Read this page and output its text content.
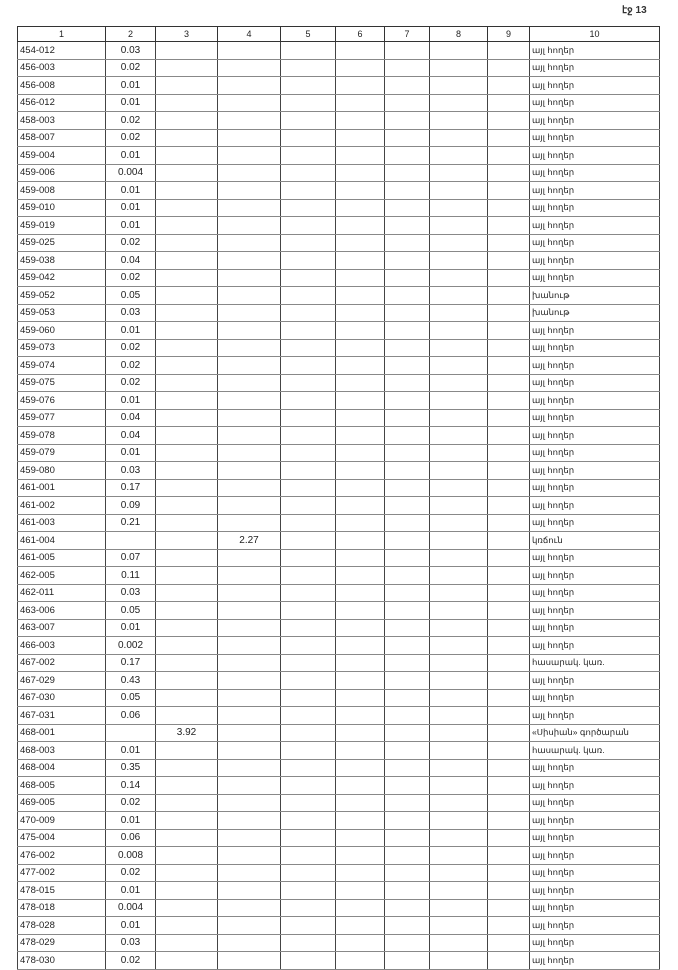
էջ 13
1	2	3	4	5	6	7	8	9	10
454-012	0.03								այլ հողեր
456-003	0.02								այլ հողեր
456-008	0.01								այլ հողեր
456-012	0.01								այլ հողեր
458-003	0.02								այլ հողեր
458-007	0.02								այլ հողեր
459-004	0.01								այլ հողեր
459-006	0.004								այլ հողեր
459-008	0.01								այլ հողեր
459-010	0.01								այլ հողեր
459-019	0.01								այլ հողեր
459-025	0.02								այլ հողեր
459-038	0.04								այլ հողեր
459-042	0.02								այլ հողեր
459-052	0.05								խանութ
459-053	0.03								խանութ
459-060	0.01								այլ հողեր
459-073	0.02								այլ հողեր
459-074	0.02								այլ հողեր
459-075	0.02								այլ հողեր
459-076	0.01								այլ հողեր
459-077	0.04								այլ հողեր
459-078	0.04								այլ հողեր
459-079	0.01								այլ հողեր
459-080	0.03								այլ հողեր
461-001	0.17								այլ հողեր
461-002	0.09								այլ հողեր
461-003	0.21								այլ հողեր
461-004			2.27						կռճուն
461-005	0.07								այլ հողեր
462-005	0.11								այլ հողեր
462-011	0.03								այլ հողեր
463-006	0.05								այլ հողեր
463-007	0.01								այլ հողեր
466-003	0.002								այլ հողեր
467-002	0.17								հասարակ. կառ.
467-029	0.43								այլ հողեր
467-030	0.05								այլ հողեր
467-031	0.06								այլ հողեր
468-001		3.92							«Սիսիան» գործարան
468-003	0.01								հասարակ. կառ.
468-004	0.35								այլ հողեր
468-005	0.14								այլ հողեր
469-005	0.02								այլ հողեր
470-009	0.01								այլ հողեր
475-004	0.06								այլ հողեր
476-002	0.008								այլ հողեր
477-002	0.02								այլ հողեր
478-015	0.01								այլ հողեր
478-018	0.004								այլ հողեր
478-028	0.01								այլ հողեր
478-029	0.03								այլ հողեր
478-030	0.02								այլ հողեր
